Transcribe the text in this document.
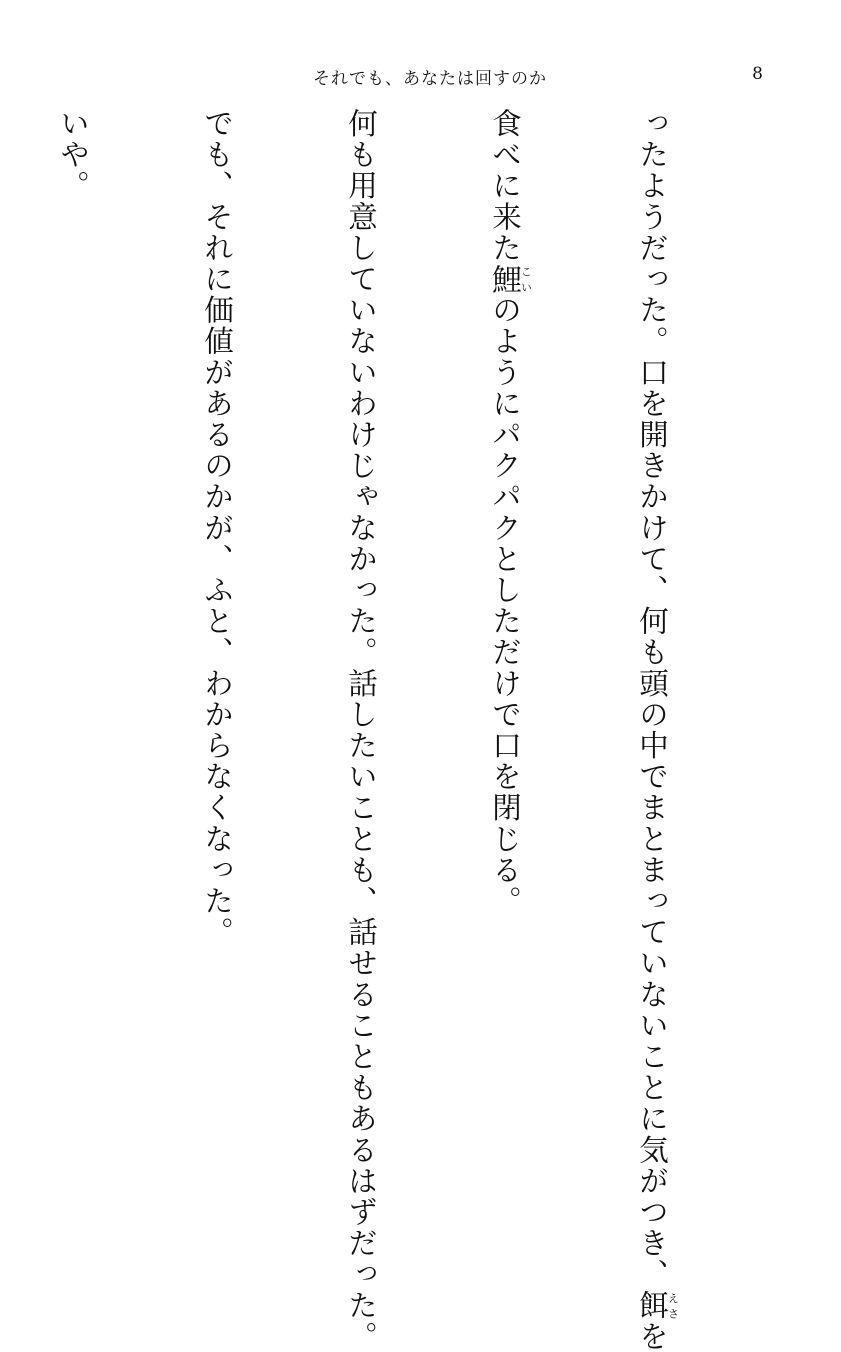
それでも、あなたは回すのか	8

ったようだった。口を開きかけて、何も頭の中でまとまっていないことに気がつき、餌えさを

食べに来た鯉こいのようにパクパクとしただけで口を閉じる。

何も用意していないわけじゃなかった。話したいことも、話せることもあるはずだった。

でも、それに価値があるのかが、ふと、わからなくなった。

いや。
